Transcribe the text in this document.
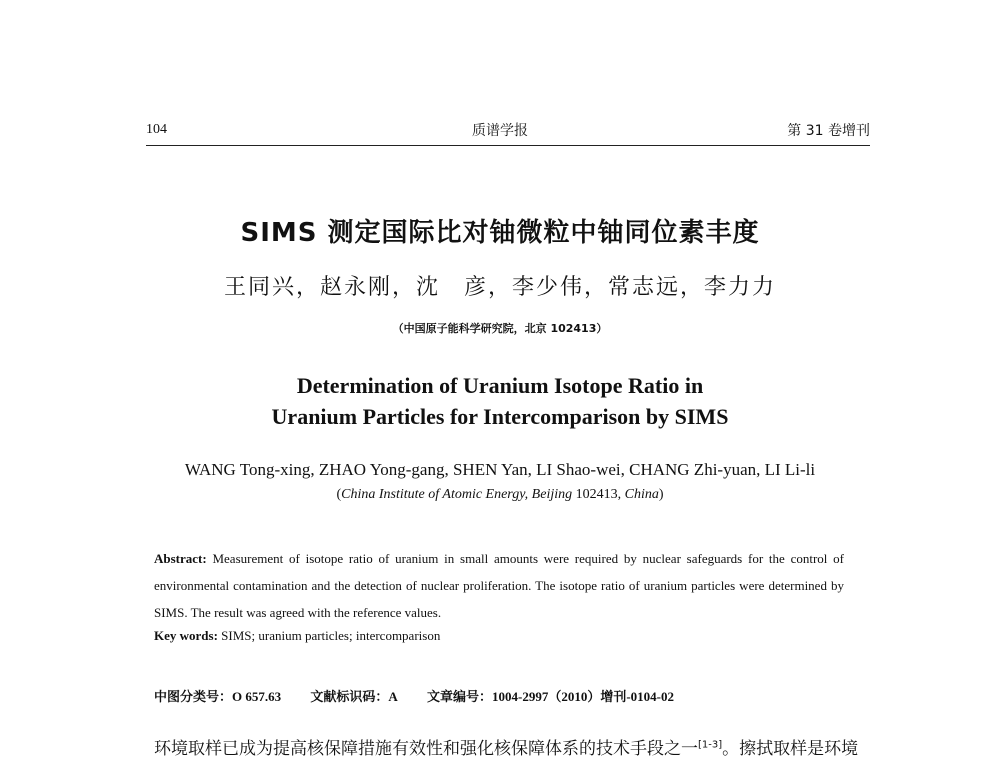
104	质谱学报	第 31 卷增刊
SIMS 测定国际比对铀微粒中铀同位素丰度
王同兴，赵永刚，沈　彦，李少伟，常志远，李力力
（中国原子能科学研究院，北京 102413）
Determination of Uranium Isotope Ratio in
Uranium Particles for Intercomparison by SIMS
WANG Tong-xing, ZHAO Yong-gang, SHEN Yan, LI Shao-wei, CHANG Zhi-yuan, LI Li-li
(China Institute of Atomic Energy, Beijing 102413, China)
Abstract: Measurement of isotope ratio of uranium in small amounts were required by nuclear safeguards for the control of environmental contamination and the detection of nuclear proliferation. The isotope ratio of uranium particles were determined by SIMS. The result was agreed with the reference values.
Key words: SIMS; uranium particles; intercomparison
中图分类号：O 657.63 文献标识码：A 文章编号：1004-2997（2010）增刊-0104-02
环境取样已成为提高核保障措施有效性和强化核保障体系的技术手段之一[1-3]。擦拭取样是环境
